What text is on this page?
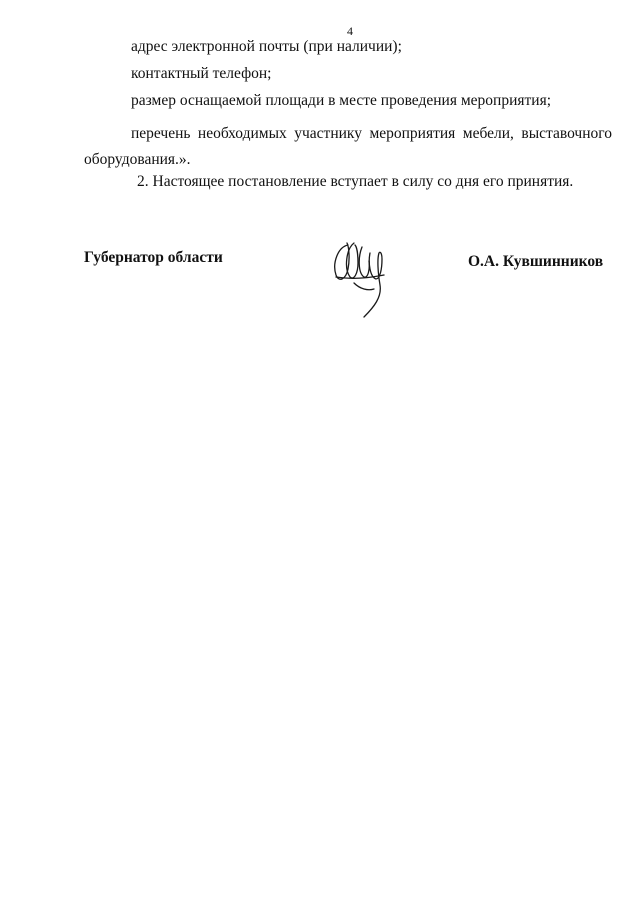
4
адрес электронной почты (при наличии);
контактный телефон;
размер оснащаемой площади в месте проведения мероприятия;
перечень необходимых участнику мероприятия мебели, выставочного оборудования.».
2. Настоящее постановление вступает в силу со дня его принятия.
Губернатор области	О.А. Кувшинников
